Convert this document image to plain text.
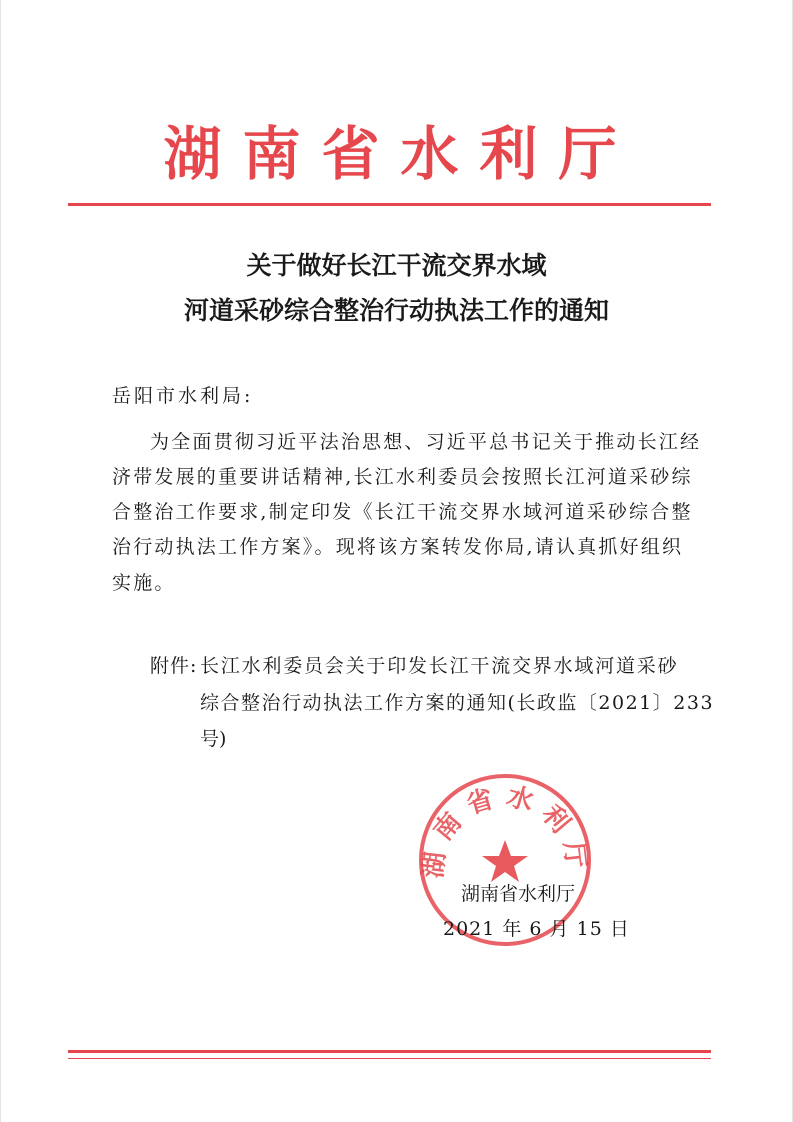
湖南省水利厅
关于做好长江干流交界水域
河道采砂综合整治行动执法工作的通知
岳阳市水利局:
为全面贯彻习近平法治思想、习近平总书记关于推动长江经
济带发展的重要讲话精神,长江水利委员会按照长江河道采砂综
合整治工作要求,制定印发《长江干流交界水域河道采砂综合整
治行动执法工作方案》。现将该方案转发你局,请认真抓好组织
实施。
附件: 长江水利委员会关于印发长江干流交界水域河道采砂
综合整治行动执法工作方案的通知(长政监〔2021〕233
号)
湖南省水利厅
湖南省水利厅
2021 年 6 月 15 日
